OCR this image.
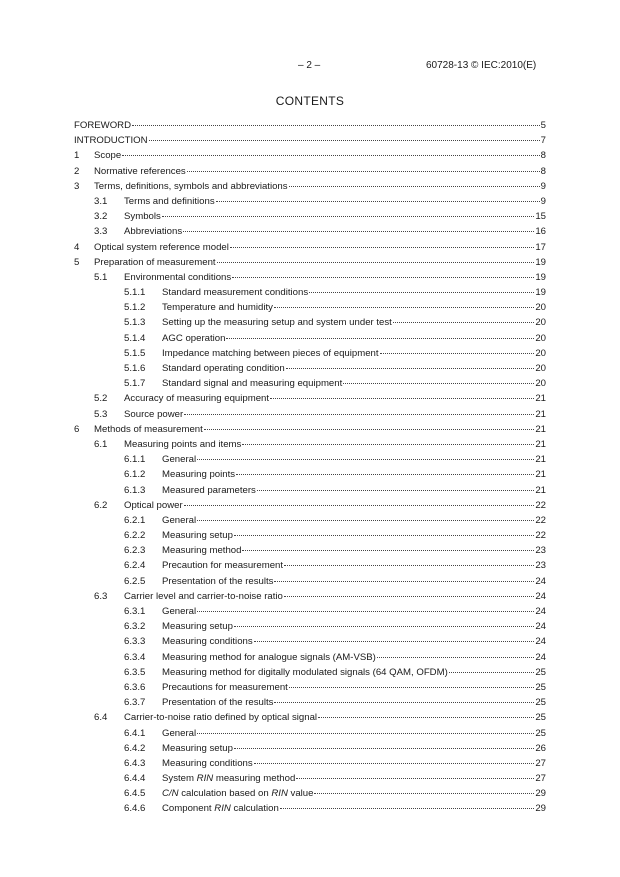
– 2 –	60728-13 © IEC:2010(E)
CONTENTS
FOREWORD	5
INTRODUCTION	7
1	Scope	8
2	Normative references	8
3	Terms, definitions, symbols and abbreviations	9
3.1	Terms and definitions	9
3.2	Symbols	15
3.3	Abbreviations	16
4	Optical system reference model	17
5	Preparation of measurement	19
5.1	Environmental conditions	19
5.1.1	Standard measurement conditions	19
5.1.2	Temperature and humidity	20
5.1.3	Setting up the measuring setup and system under test	20
5.1.4	AGC operation	20
5.1.5	Impedance matching between pieces of equipment	20
5.1.6	Standard operating condition	20
5.1.7	Standard signal and measuring equipment	20
5.2	Accuracy of measuring equipment	21
5.3	Source power	21
6	Methods of measurement	21
6.1	Measuring points and items	21
6.1.1	General	21
6.1.2	Measuring points	21
6.1.3	Measured parameters	21
6.2	Optical power	22
6.2.1	General	22
6.2.2	Measuring setup	22
6.2.3	Measuring method	23
6.2.4	Precaution for measurement	23
6.2.5	Presentation of the results	24
6.3	Carrier level and carrier-to-noise ratio	24
6.3.1	General	24
6.3.2	Measuring setup	24
6.3.3	Measuring conditions	24
6.3.4	Measuring method for analogue signals (AM-VSB)	24
6.3.5	Measuring method for digitally modulated signals (64 QAM, OFDM)	25
6.3.6	Precautions for measurement	25
6.3.7	Presentation of the results	25
6.4	Carrier-to-noise ratio defined by optical signal	25
6.4.1	General	25
6.4.2	Measuring setup	26
6.4.3	Measuring conditions	27
6.4.4	System RIN measuring method	27
6.4.5	C/N calculation based on RIN value	29
6.4.6	Component RIN calculation	29
